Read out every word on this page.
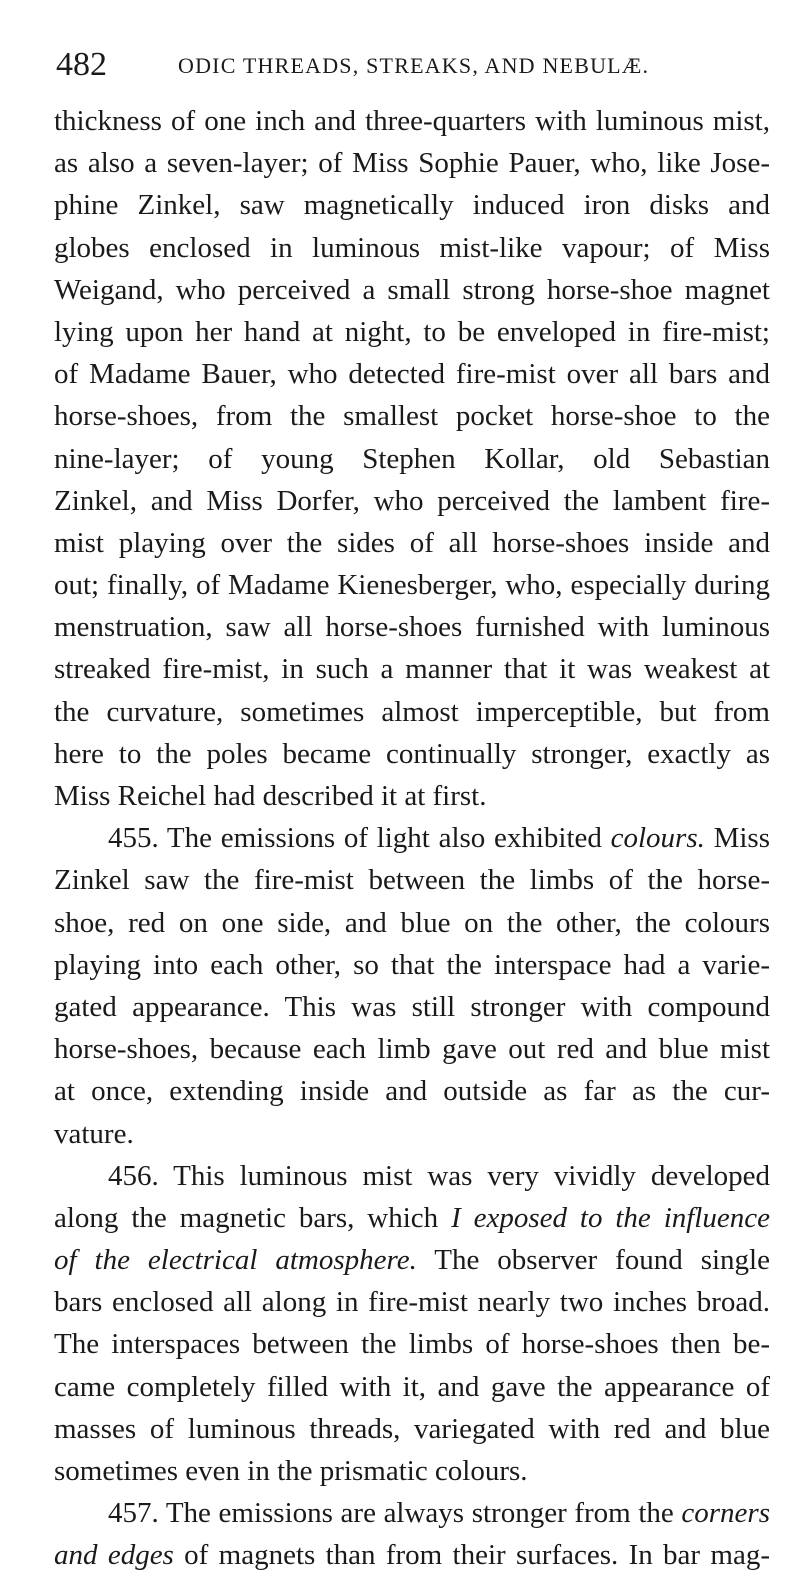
482	ODIC THREADS, STREAKS, AND NEBULÆ.
thickness of one inch and three-quarters with luminous mist,
as also a seven-layer; of Miss Sophie Pauer, who, like Jose-
phine Zinkel, saw magnetically induced iron disks and
globes enclosed in luminous mist-like vapour; of Miss
Weigand, who perceived a small strong horse-shoe magnet
lying upon her hand at night, to be enveloped in fire-mist;
of Madame Bauer, who detected fire-mist over all bars and
horse-shoes, from the smallest pocket horse-shoe to the
nine-layer; of young Stephen Kollar, old Sebastian
Zinkel, and Miss Dorfer, who perceived the lambent fire-
mist playing over the sides of all horse-shoes inside and
out; finally, of Madame Kienesberger, who, especially during
menstruation, saw all horse-shoes furnished with luminous
streaked fire-mist, in such a manner that it was weakest at
the curvature, sometimes almost imperceptible, but from
here to the poles became continually stronger, exactly as
Miss Reichel had described it at first.
455. The emissions of light also exhibited colours. Miss
Zinkel saw the fire-mist between the limbs of the horse-
shoe, red on one side, and blue on the other, the colours
playing into each other, so that the interspace had a varie-
gated appearance. This was still stronger with compound
horse-shoes, because each limb gave out red and blue mist
at once, extending inside and outside as far as the cur-
vature.
456. This luminous mist was very vividly developed
along the magnetic bars, which I exposed to the influence
of the electrical atmosphere. The observer found single
bars enclosed all along in fire-mist nearly two inches broad.
The interspaces between the limbs of horse-shoes then be-
came completely filled with it, and gave the appearance of
masses of luminous threads, variegated with red and blue
sometimes even in the prismatic colours.
457. The emissions are always stronger from the corners
and edges of magnets than from their surfaces. In bar mag-
